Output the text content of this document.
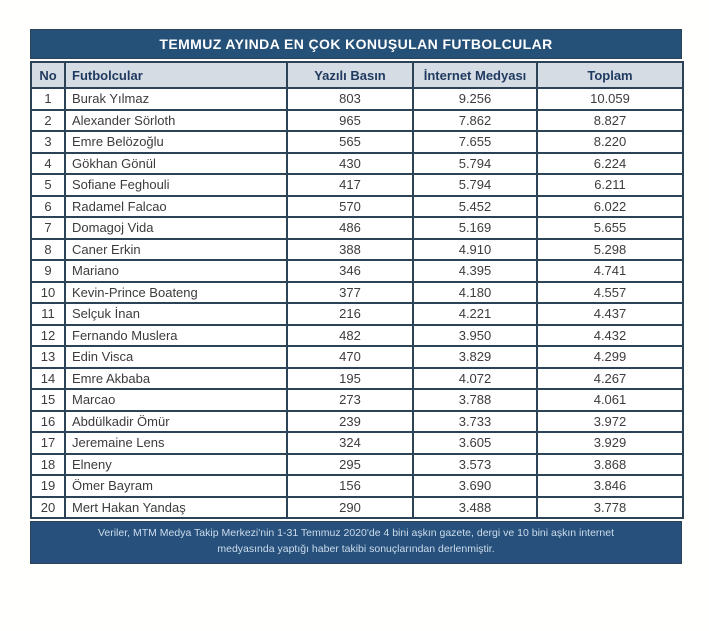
TEMMUZ AYINDA EN ÇOK KONUŞULAN FUTBOLCULAR
No	Futbolcular	Yazılı Basın	İnternet Medyası	Toplam
1	Burak Yılmaz	803	9.256	10.059
2	Alexander Sörloth	965	7.862	8.827
3	Emre Belözoğlu	565	7.655	8.220
4	Gökhan Gönül	430	5.794	6.224
5	Sofiane Feghouli	417	5.794	6.211
6	Radamel Falcao	570	5.452	6.022
7	Domagoj Vida	486	5.169	5.655
8	Caner Erkin	388	4.910	5.298
9	Mariano	346	4.395	4.741
10	Kevin-Prince Boateng	377	4.180	4.557
11	Selçuk İnan	216	4.221	4.437
12	Fernando Muslera	482	3.950	4.432
13	Edin Visca	470	3.829	4.299
14	Emre Akbaba	195	4.072	4.267
15	Marcao	273	3.788	4.061
16	Abdülkadir Ömür	239	3.733	3.972
17	Jeremaine Lens	324	3.605	3.929
18	Elneny	295	3.573	3.868
19	Ömer Bayram	156	3.690	3.846
20	Mert Hakan Yandaş	290	3.488	3.778
Veriler, MTM Medya Takip Merkezi'nin 1-31 Temmuz 2020'de 4 bini aşkın gazete, dergi ve 10 bini aşkın internet medyasında yaptığı haber takibi sonuçlarından derlenmiştir.
